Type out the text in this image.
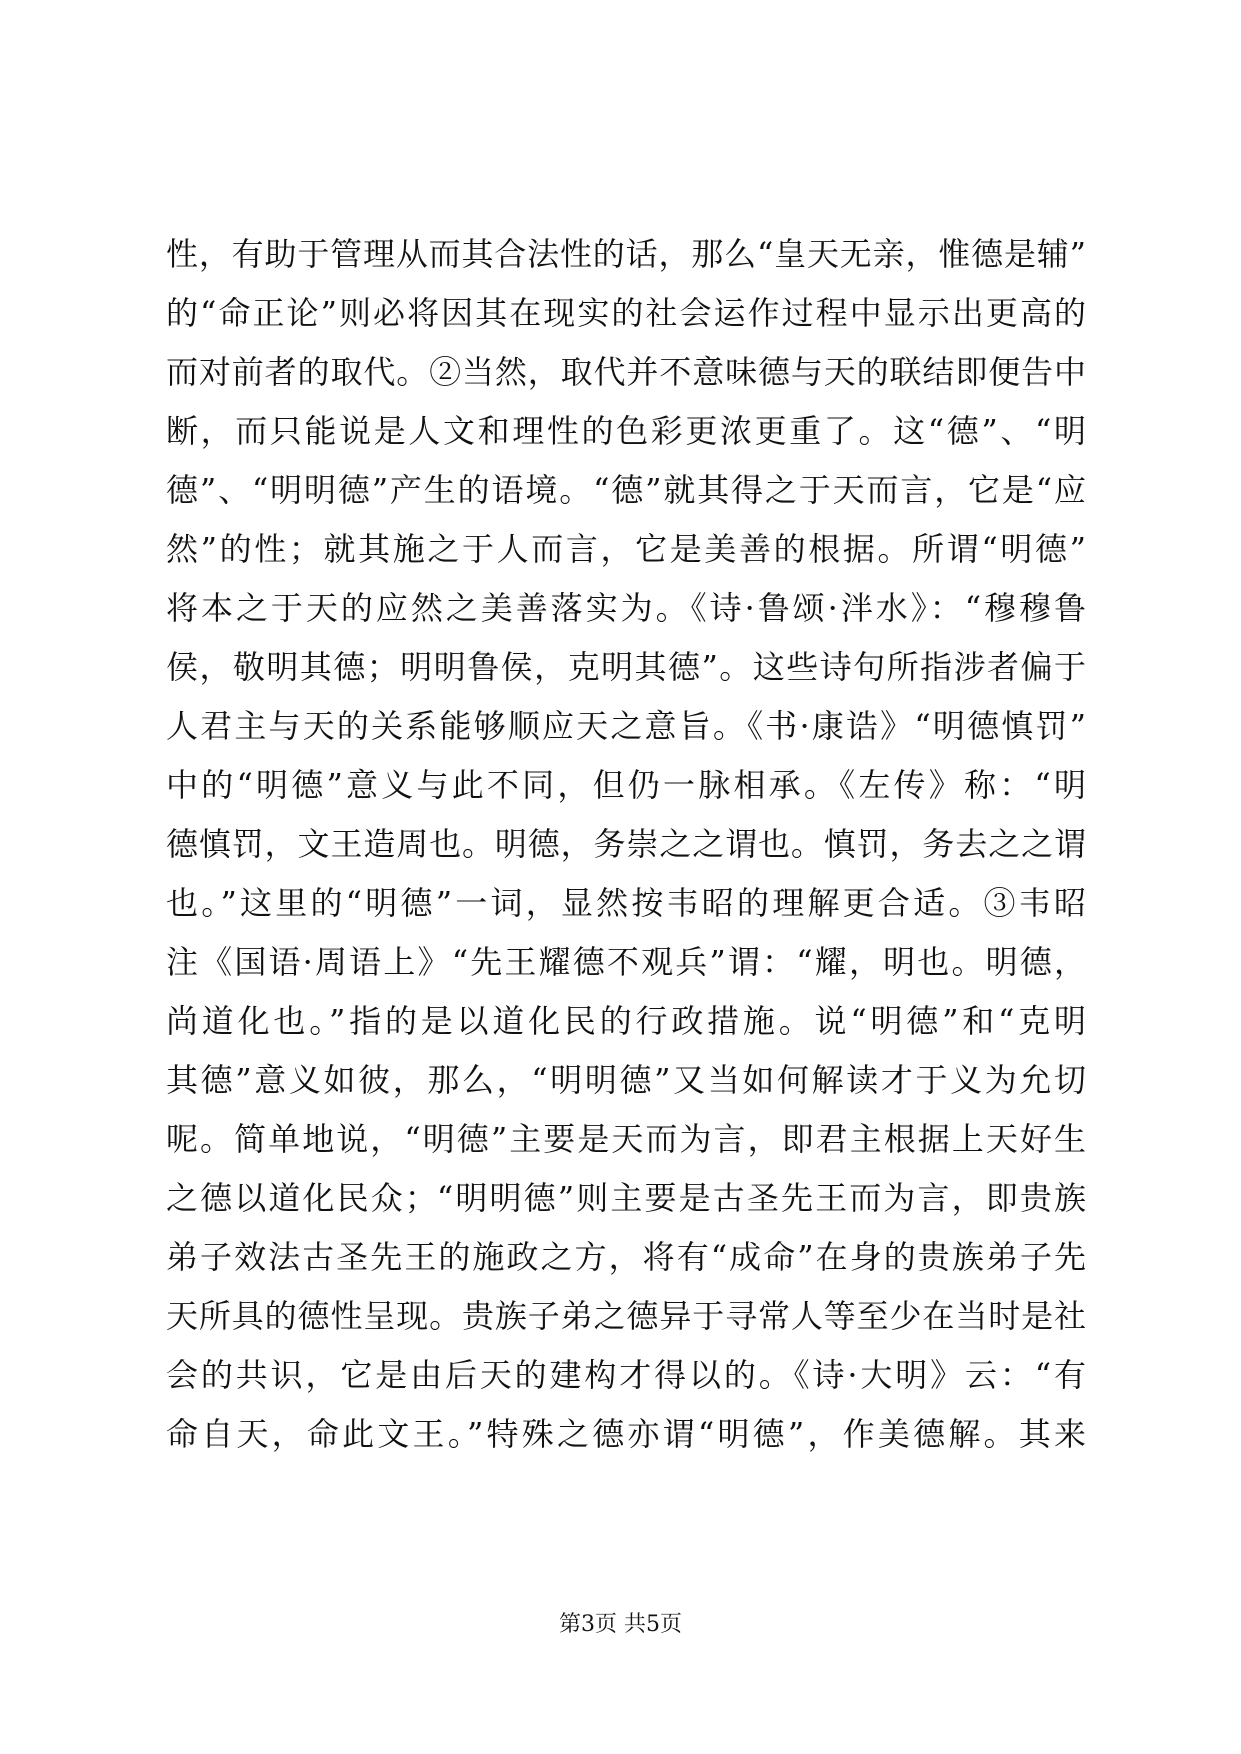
性，有助于管理从而其合法性的话，那么“皇天无亲，惟德是辅”
的“命正论”则必将因其在现实的社会运作过程中显示出更高的
而对前者的取代。②当然，取代并不意味德与天的联结即便告中
断，而只能说是人文和理性的色彩更浓更重了。这“德”、“明
德”、“明明德”产生的语境。“德”就其得之于天而言，它是“应
然”的性；就其施之于人而言，它是美善的根据。所谓“明德”
将本之于天的应然之美善落实为。《诗·鲁颂·泮水》：“穆穆鲁
侯，敬明其德；明明鲁侯，克明其德”。这些诗句所指涉者偏于
人君主与天的关系能够顺应天之意旨。《书·康诰》“明德慎罚”
中的“明德”意义与此不同，但仍一脉相承。《左传》称：“明
德慎罚，文王造周也。明德，务崇之之谓也。慎罚，务去之之谓
也。”这里的“明德”一词，显然按韦昭的理解更合适。③韦昭
注《国语·周语上》“先王耀德不观兵”谓：“耀，明也。明德，
尚道化也。”指的是以道化民的行政措施。说“明德”和“克明
其德”意义如彼，那么，“明明德”又当如何解读才于义为允切
呢。简单地说，“明德”主要是天而为言，即君主根据上天好生
之德以道化民众；“明明德”则主要是古圣先王而为言，即贵族
弟子效法古圣先王的施政之方，将有“成命”在身的贵族弟子先
天所具的德性呈现。贵族子弟之德异于寻常人等至少在当时是社
会的共识，它是由后天的建构才得以的。《诗·大明》云：“有
命自天，命此文王。”特殊之德亦谓“明德”，作美德解。其来
第3页 共5页
